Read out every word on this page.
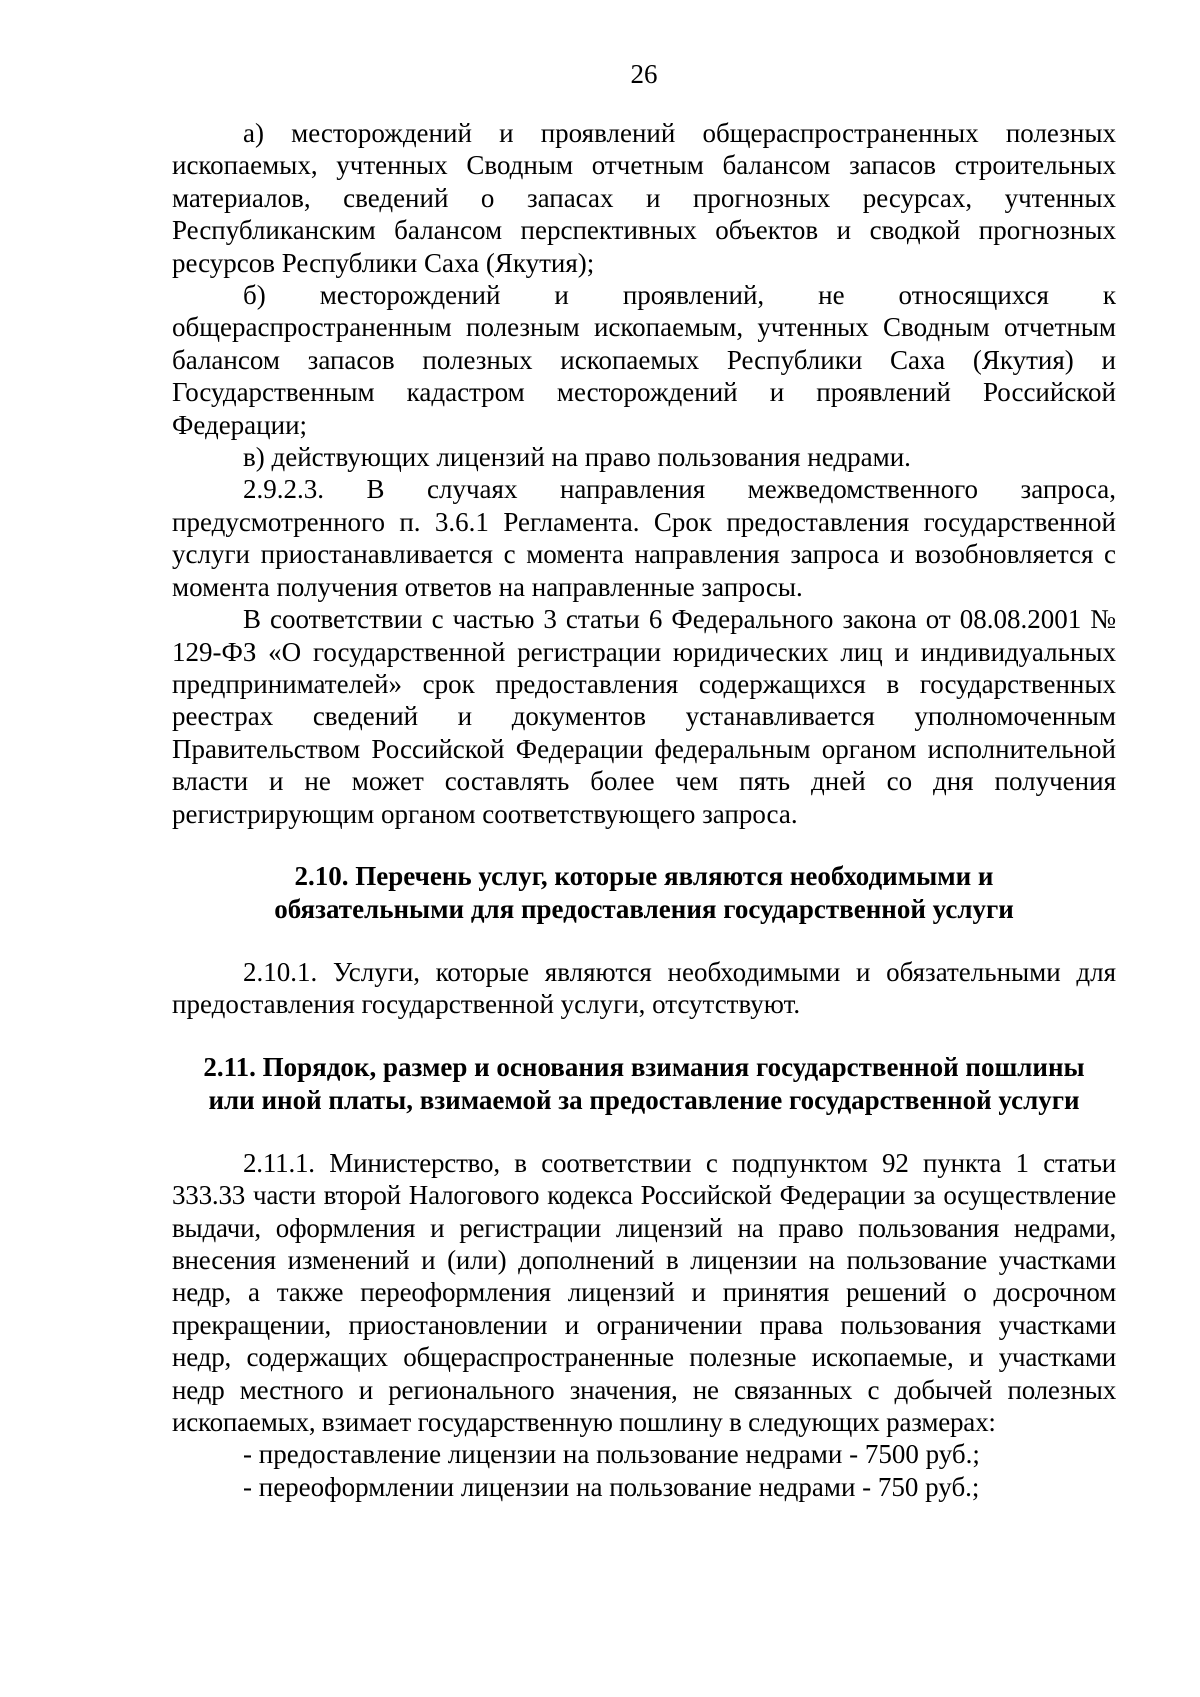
26

а) месторождений и проявлений общераспространенных полезных ископаемых, учтенных Сводным отчетным балансом запасов строительных материалов, сведений о запасах и прогнозных ресурсах, учтенных Республиканским балансом перспективных объектов и сводкой прогнозных ресурсов Республики Саха (Якутия);

б) месторождений и проявлений, не относящихся к общераспространенным полезным ископаемым, учтенных Сводным отчетным балансом запасов полезных ископаемых Республики Саха (Якутия) и Государственным кадастром месторождений и проявлений Российской Федерации;

в) действующих лицензий на право пользования недрами.

2.9.2.3. В случаях направления межведомственного запроса, предусмотренного п. 3.6.1 Регламента. Срок предоставления государственной услуги приостанавливается с момента направления запроса и возобновляется с момента получения ответов на направленные запросы.

В соответствии с частью 3 статьи 6 Федерального закона от 08.08.2001 № 129-ФЗ «О государственной регистрации юридических лиц и индивидуальных предпринимателей» срок предоставления содержащихся в государственных реестрах сведений и документов устанавливается уполномоченным Правительством Российской Федерации федеральным органом исполнительной власти и не может составлять более чем пять дней со дня получения регистрирующим органом соответствующего запроса.

2.10. Перечень услуг, которые являются необходимыми и
обязательными для предоставления государственной услуги

2.10.1. Услуги, которые являются необходимыми и обязательными для предоставления государственной услуги, отсутствуют.

2.11. Порядок, размер и основания взимания государственной пошлины
или иной платы, взимаемой за предоставление государственной услуги

2.11.1. Министерство, в соответствии с подпунктом 92 пункта 1 статьи 333.33 части второй Налогового кодекса Российской Федерации за осуществление выдачи, оформления и регистрации лицензий на право пользования недрами, внесения изменений и (или) дополнений в лицензии на пользование участками недр, а также переоформления лицензий и принятия решений о досрочном прекращении, приостановлении и ограничении права пользования участками недр, содержащих общераспространенные полезные ископаемые, и участками недр местного и регионального значения, не связанных с добычей полезных ископаемых, взимает государственную пошлину в следующих размерах:

- предоставление лицензии на пользование недрами - 7500 руб.;

- переоформлении лицензии на пользование недрами - 750 руб.;
